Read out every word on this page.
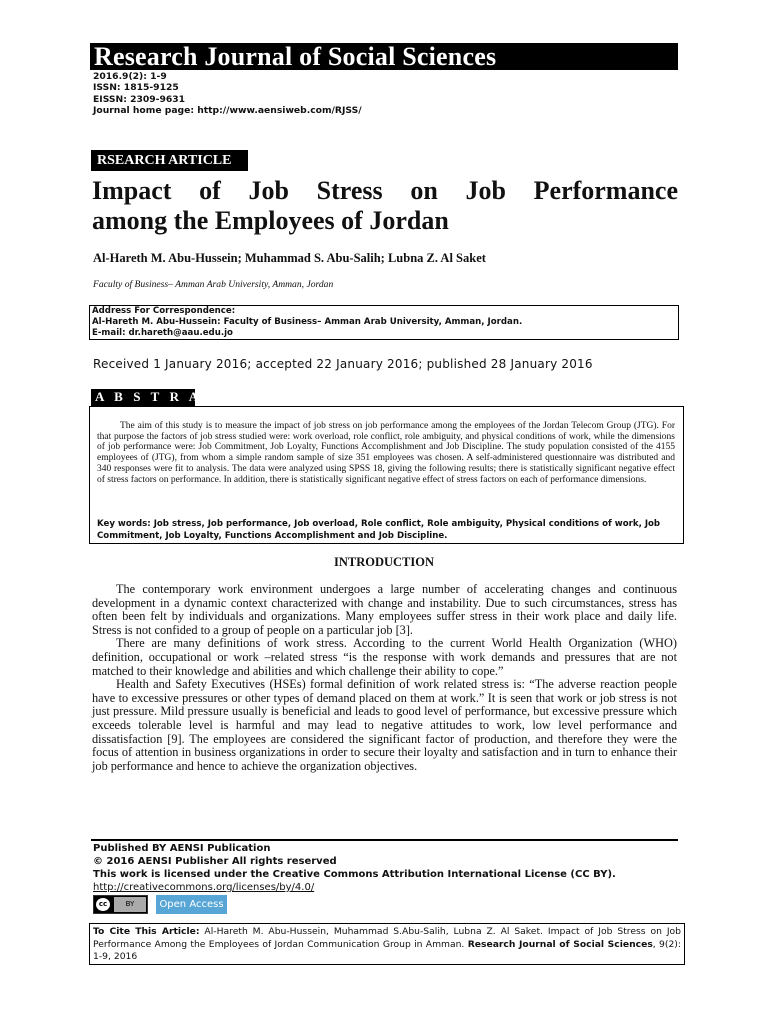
Research Journal of Social Sciences
2016.9(2): 1-9
ISSN: 1815-9125
EISSN: 2309-9631
Journal home page: http://www.aensiweb.com/RJSS/
RSEARCH ARTICLE
Impact of Job Stress on Job Performance
among the Employees of Jordan
Al-Hareth M. Abu-Hussein; Muhammad S. Abu-Salih; Lubna Z. Al Saket
Faculty of Business– Amman Arab University, Amman, Jordan
Address For Correspondence:
Al-Hareth M. Abu-Hussein: Faculty of Business– Amman Arab University, Amman, Jordan.
E-mail: dr.hareth@aau.edu.jo
Received 1 January 2016; accepted 22 January 2016; published 28 January 2016
A B S T R A C T
The aim of this study is to measure the impact of job stress on job performance among the employees of the Jordan Telecom Group (JTG). For that purpose the factors of job stress studied were: work overload, role conflict, role ambiguity, and physical conditions of work, while the dimensions of job performance were: Job Commitment, Job Loyalty, Functions Accomplishment and Job Discipline. The study population consisted of the 4155 employees of (JTG), from whom a simple random sample of size 351 employees was chosen. A self-administered questionnaire was distributed and 340 responses were fit to analysis. The data were analyzed using SPSS 18, giving the following results; there is statistically significant negative effect of stress factors on performance. In addition, there is statistically significant negative effect of stress factors on each of performance dimensions.
Key words: Job stress, Job performance, Job overload, Role conflict, Role ambiguity, Physical conditions of work, Job Commitment, Job Loyalty, Functions Accomplishment and Job Discipline.
INTRODUCTION

The contemporary work environment undergoes a large number of accelerating changes and continuous development in a dynamic context characterized with change and instability. Due to such circumstances, stress has often been felt by individuals and organizations. Many employees suffer stress in their work place and daily life. Stress is not confided to a group of people on a particular job [3].

There are many definitions of work stress. According to the current World Health Organization (WHO) definition, occupational or work –related stress “is the response with work demands and pressures that are not matched to their knowledge and abilities and which challenge their ability to cope.”

Health and Safety Executives (HSEs) formal definition of work related stress is: “The adverse reaction people have to excessive pressures or other types of demand placed on them at work.” It is seen that work or job stress is not just pressure. Mild pressure usually is beneficial and leads to good level of performance, but excessive pressure which exceeds tolerable level is harmful and may lead to negative attitudes to work, low level performance and dissatisfaction [9]. The employees are considered the significant factor of production, and therefore they were the focus of attention in business organizations in order to secure their loyalty and satisfaction and in turn to enhance their job performance and hence to achieve the organization objectives.

Published BY AENSI Publication
© 2016 AENSI Publisher All rights reserved
This work is licensed under the Creative Commons Attribution International License (CC BY).
http://creativecommons.org/licenses/by/4.0/
cc	BY	Open Access
To Cite This Article: Al-Hareth M. Abu-Hussein, Muhammad S.Abu-Salih, Lubna Z. Al Saket. Impact of Job Stress on Job Performance Among the Employees of Jordan Communication Group in Amman. Research Journal of Social Sciences, 9(2): 1-9, 2016
